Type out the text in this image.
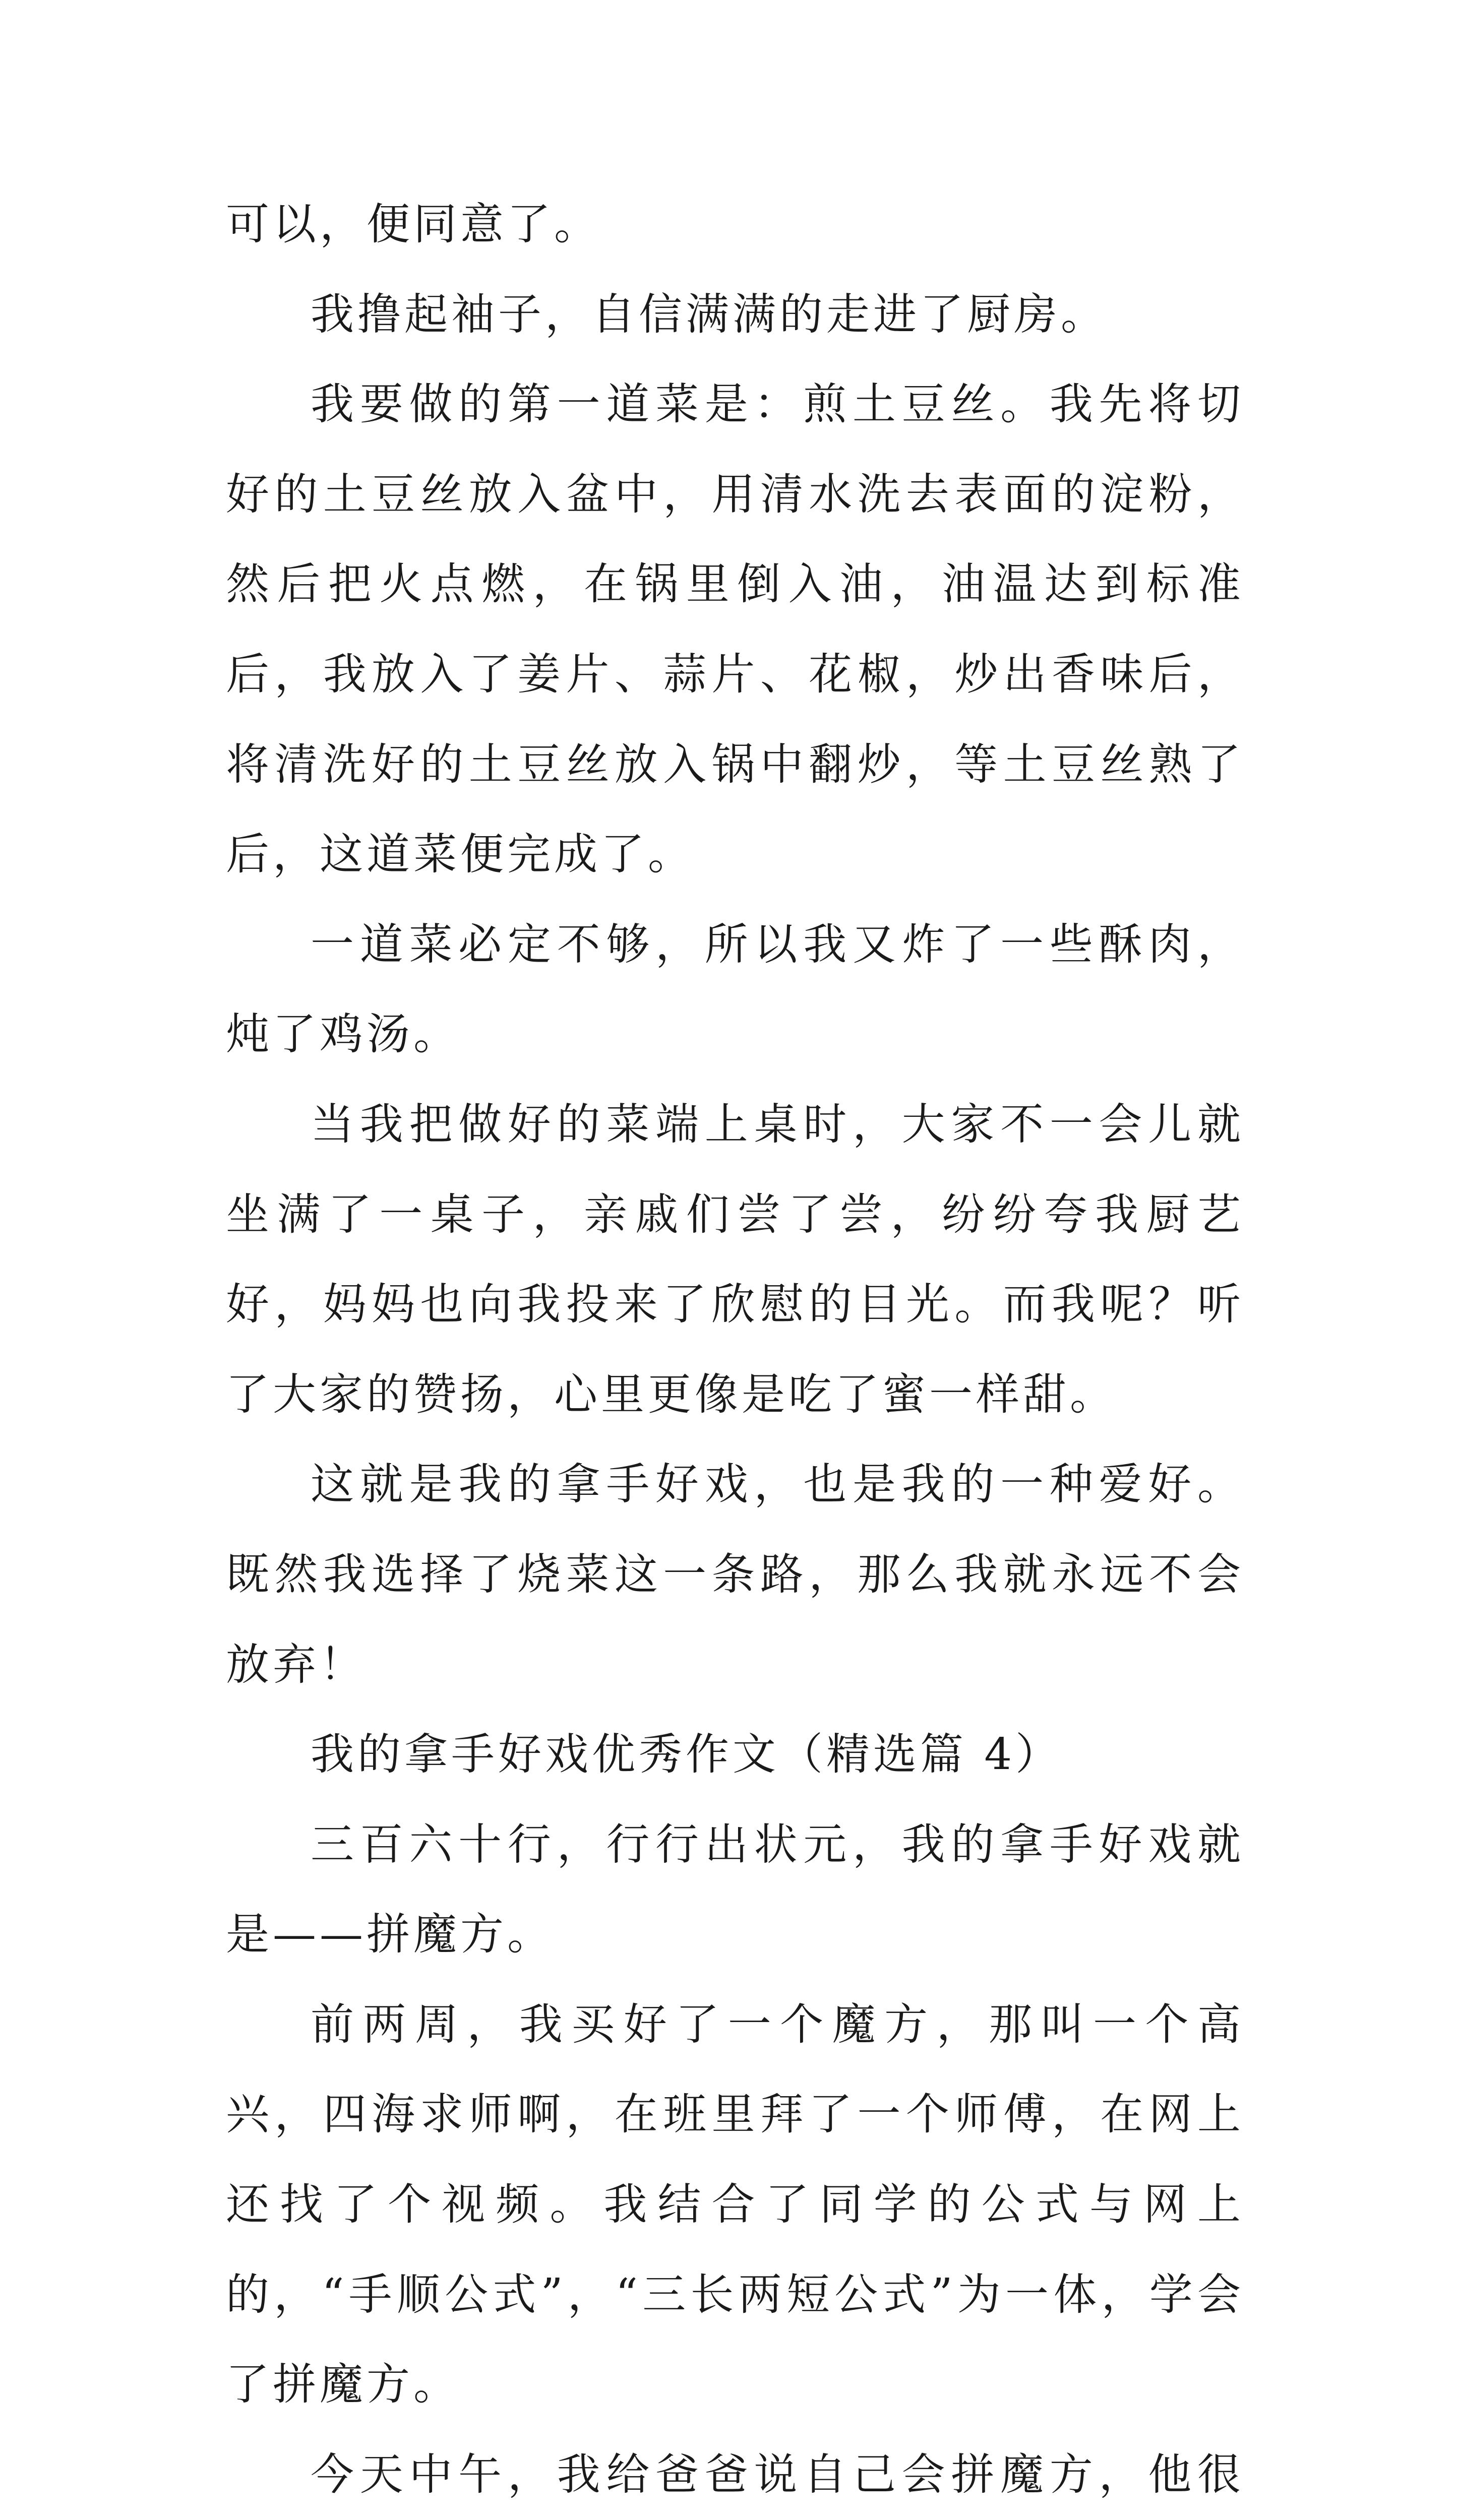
可以，便同意了。

我撸起袖子，自信满满的走进了厨房。

我要做的第一道菜是：煎土豆丝。我先将切好的土豆丝放入盆中，用清水洗去表面的淀粉，然后把火点燃，在锅里倒入油，油温达到标准后，我放入了姜片、蒜片、花椒，炒出香味后，将清洗好的土豆丝放入锅中翻炒，等土豆丝熟了后，这道菜便完成了。

一道菜必定不够，所以我又炸了一些酥肉，炖了鸡汤。

当我把做好的菜端上桌时，大家不一会儿就坐满了一桌子，亲戚们尝了尝，纷纷夸我厨艺好，妈妈也向我投来了欣慰的目光。而我呢？听了大家的赞扬，心里更像是吃了蜜一样甜。

这就是我的拿手好戏，也是我的一种爱好。既然我选择了烧菜这一条路，那么我就永远不会放弃！

我的拿手好戏优秀作文（精选篇 4）

三百六十行，行行出状元，我的拿手好戏就是——拼魔方。

前两周，我买好了一个魔方，那叫一个高兴，四海求师啊，在班里拜了一个师傅，在网上还找了个视频。我结合了同学的公式与网上的，“手顺公式”，“三长两短公式”为一体，学会了拼魔方。

今天中午，我给爸爸说自己会拼魔方，他很
